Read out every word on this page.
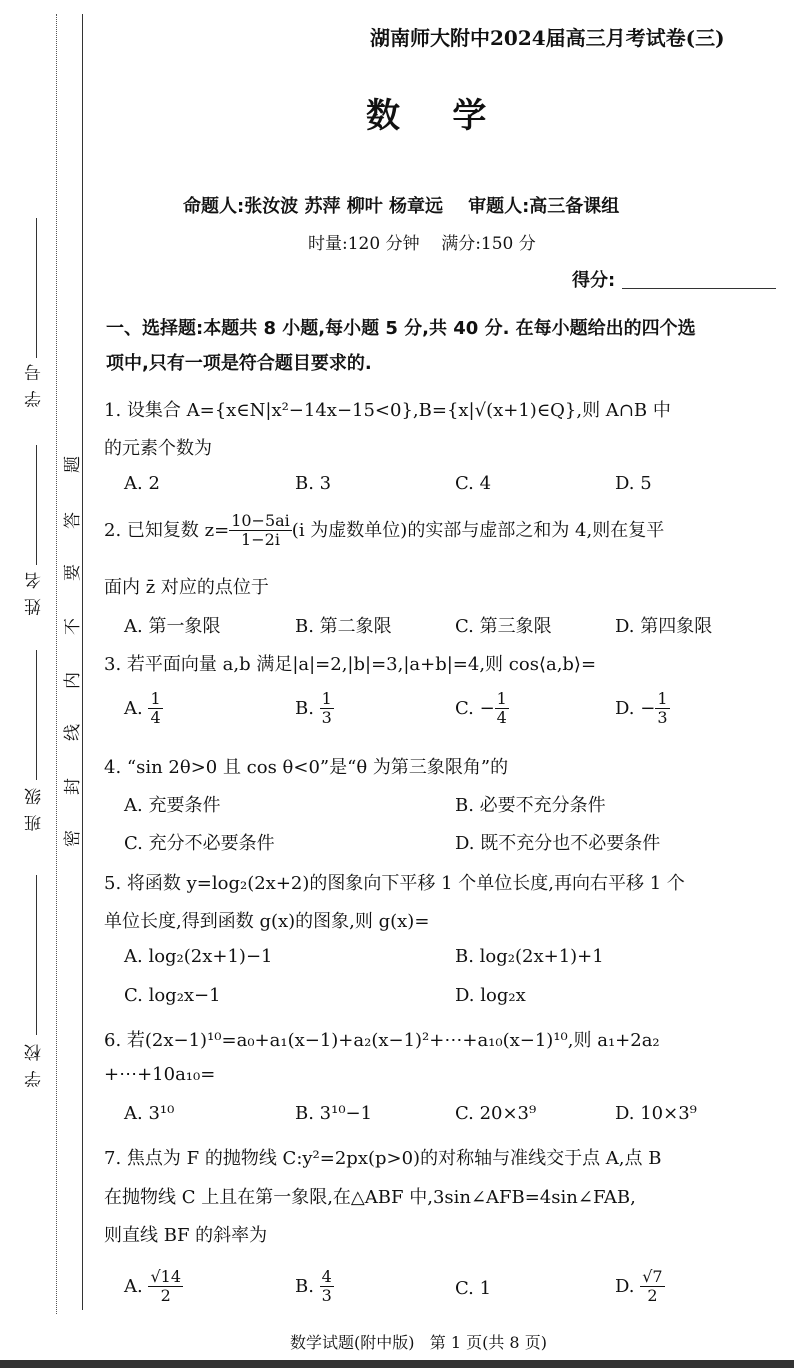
学 号
姓 名
班 级
学 校
题
答
要
不
内
线
封
密
湖南师大附中2024届高三月考试卷(三)
数    学
命题人:张汝波 苏萍 柳叶 杨章远    审题人:高三备课组
时量:120 分钟    满分:150 分
得分:
一、选择题:本题共 8 小题,每小题 5 分,共 40 分. 在每小题给出的四个选
项中,只有一项是符合题目要求的.
1. 设集合 A={x∈N|x²−14x−15<0},B={x|√(x+1)∈Q},则 A∩B 中
的元素个数为
A. 2	B. 3	C. 4	D. 5
2. 已知复数 $z= \frac{10-5ai}{1-2i} (i$ 为虚数单位)的实部与虚部之和为 4,则在复平
面内 z̄ 对应的点位于
A. 第一象限	B. 第二象限	C. 第三象限	D. 第四象限
3. 若平面向量 a,b 满足|a|=2,|b|=3,|a+b|=4,则 cos⟨a,b⟩=
A. $\frac{1}{4}$	B. $\frac{1}{3}$	C. − $\frac{1}{4}$	D. − $\frac{1}{3}$
4. “sin 2θ>0 且 cos θ<0”是“θ 为第三象限角”的
A. 充要条件	B. 必要不充分条件
C. 充分不必要条件	D. 既不充分也不必要条件
5. 将函数 y=log₂(2x+2)的图象向下平移 1 个单位长度,再向右平移 1 个
单位长度,得到函数 g(x)的图象,则 g(x)=
A. log₂(2x+1)−1	B. log₂(2x+1)+1
C. log₂x−1	D. log₂x
6. 若(2x−1)¹⁰=a₀+a₁(x−1)+a₂(x−1)²+⋯+a₁₀(x−1)¹⁰,则 a₁+2a₂
+⋯+10a₁₀=
A. 3¹⁰	B. 3¹⁰−1	C. 20×3⁹	D. 10×3⁹
7. 焦点为 F 的抛物线 C:y²=2px(p>0)的对称轴与准线交于点 A,点 B
在抛物线 C 上且在第一象限,在△ABF 中,3sin∠AFB=4sin∠FAB,
则直线 BF 的斜率为
A. $\frac{√14}{2}$	B. $\frac{4}{3}$	C. 1	D. $\frac{√7}{2}$
数学试题(附中版)   第 1 页(共 8 页)
